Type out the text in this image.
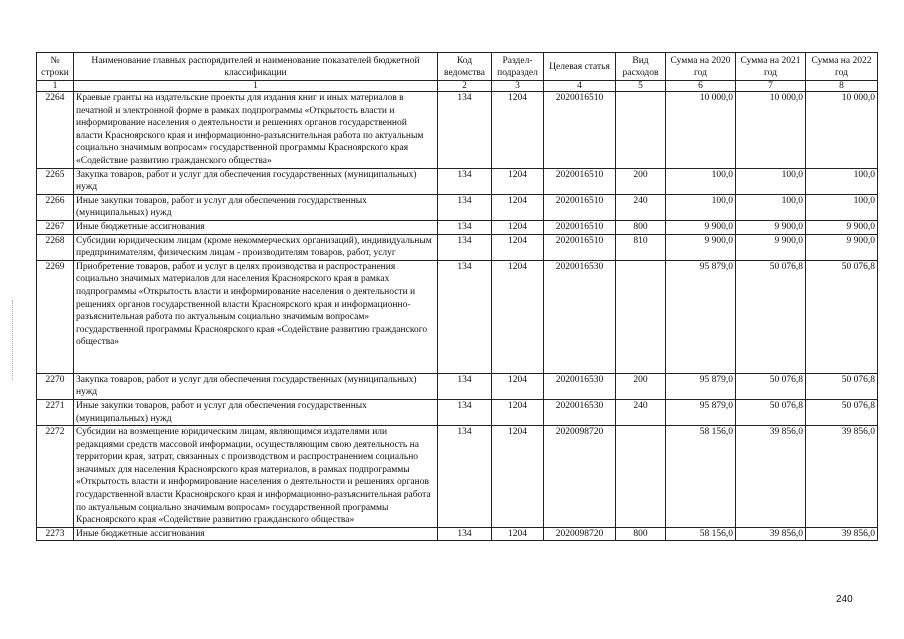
№ строки	Наименование главных распорядителей и наименование показателей бюджетной классификации	Код ведомства	Раздел-подраздел	Целевая статья	Вид расходов	Сумма на 2020 год	Сумма на 2021 год	Сумма на 2022 год
1	1	2	3	4	5	6	7	8
2264	Краевые гранты на издательские проекты для издания книг и иных материалов в печатной и электронной форме в рамках подпрограммы «Открытость власти и информирование населения о деятельности и решениях органов государственной власти Красноярского края и информационно-разъяснительная работа по актуальным социально значимым вопросам» государственной программы Красноярского края «Содействие развитию гражданского общества»	134	1204	2020016510		10 000,0	10 000,0	10 000,0
2265	Закупка товаров, работ и услуг для обеспечения государственных (муниципальных) нужд	134	1204	2020016510	200	100,0	100,0	100,0
2266	Иные закупки товаров, работ и услуг для обеспечения государственных (муниципальных) нужд	134	1204	2020016510	240	100,0	100,0	100,0
2267	Иные бюджетные ассигнования	134	1204	2020016510	800	9 900,0	9 900,0	9 900,0
2268	Субсидии юридическим лицам (кроме некоммерческих организаций), индивидуальным предпринимателям, физическим лицам - производителям товаров, работ, услуг	134	1204	2020016510	810	9 900,0	9 900,0	9 900,0
2269	Приобретение товаров, работ и услуг в целях производства и распространения социально значимых материалов для населения Красноярского края в рамках подпрограммы «Открытость власти и информирование населения о деятельности и решениях органов государственной власти Красноярского края и информационно-разъяснительная работа по актуальным социально значимым вопросам» государственной программы Красноярского края «Содействие развитию гражданского общества»	134	1204	2020016530		95 879,0	50 076,8	50 076,8
2270	Закупка товаров, работ и услуг для обеспечения государственных (муниципальных) нужд	134	1204	2020016530	200	95 879,0	50 076,8	50 076,8
2271	Иные закупки товаров, работ и услуг для обеспечения государственных (муниципальных) нужд	134	1204	2020016530	240	95 879,0	50 076,8	50 076,8
2272	Субсидии на возмещение юридическим лицам, являющимся издателями или редакциями средств массовой информации, осуществляющим свою деятельность на территории края, затрат, связанных с производством и распространением социально значимых для населения Красноярского края материалов, в рамках подпрограммы «Открытость власти и информирование населения о деятельности и решениях органов государственной власти Красноярского края и информационно-разъяснительная работа по актуальным социально значимым вопросам» государственной программы Красноярского края «Содействие развитию гражданского общества»	134	1204	2020098720		58 156,0	39 856,0	39 856,0
2273	Иные бюджетные ассигнования	134	1204	2020098720	800	58 156,0	39 856,0	39 856,0
240
